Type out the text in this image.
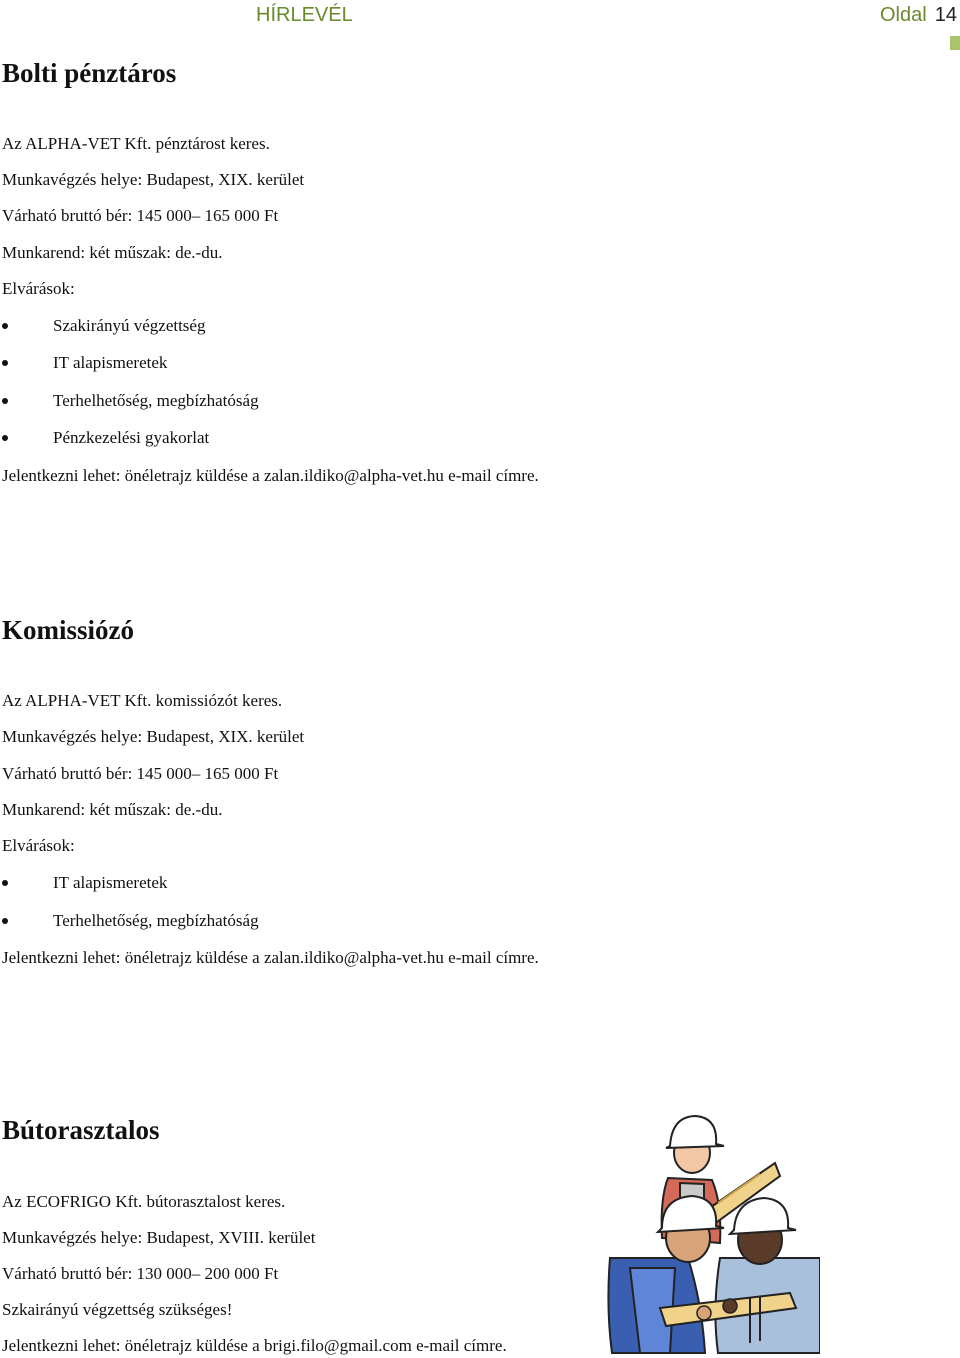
HÍRLEVÉL	Oldal 14
Bolti pénztáros
Az ALPHA-VET Kft. pénztárost keres.
Munkavégzés helye: Budapest, XIX. kerület
Várható bruttó bér: 145 000– 165 000 Ft
Munkarend: két műszak: de.-du.
Elvárások:
Szakirányú végzettség
IT alapismeretek
Terhelhetőség, megbízhatóság
Pénzkezelési gyakorlat
Jelentkezni lehet: önéletrajz küldése a zalan.ildiko@alpha-vet.hu e-mail címre.
Komissiózó
Az ALPHA-VET Kft. komissiózót keres.
Munkavégzés helye: Budapest, XIX. kerület
Várható bruttó bér: 145 000– 165 000 Ft
Munkarend: két műszak: de.-du.
Elvárások:
IT alapismeretek
Terhelhetőség, megbízhatóság
Jelentkezni lehet: önéletrajz küldése a zalan.ildiko@alpha-vet.hu e-mail címre.
Bútorasztalos
Az ECOFRIGO Kft. bútorasztalost keres.
Munkavégzés helye: Budapest, XVIII. kerület
Várható bruttó bér: 130 000– 200 000 Ft
Szkairányú végzettség szükséges!
Jelentkezni lehet: önéletrajz küldése a brigi.filo@gmail.com e-mail címre.
